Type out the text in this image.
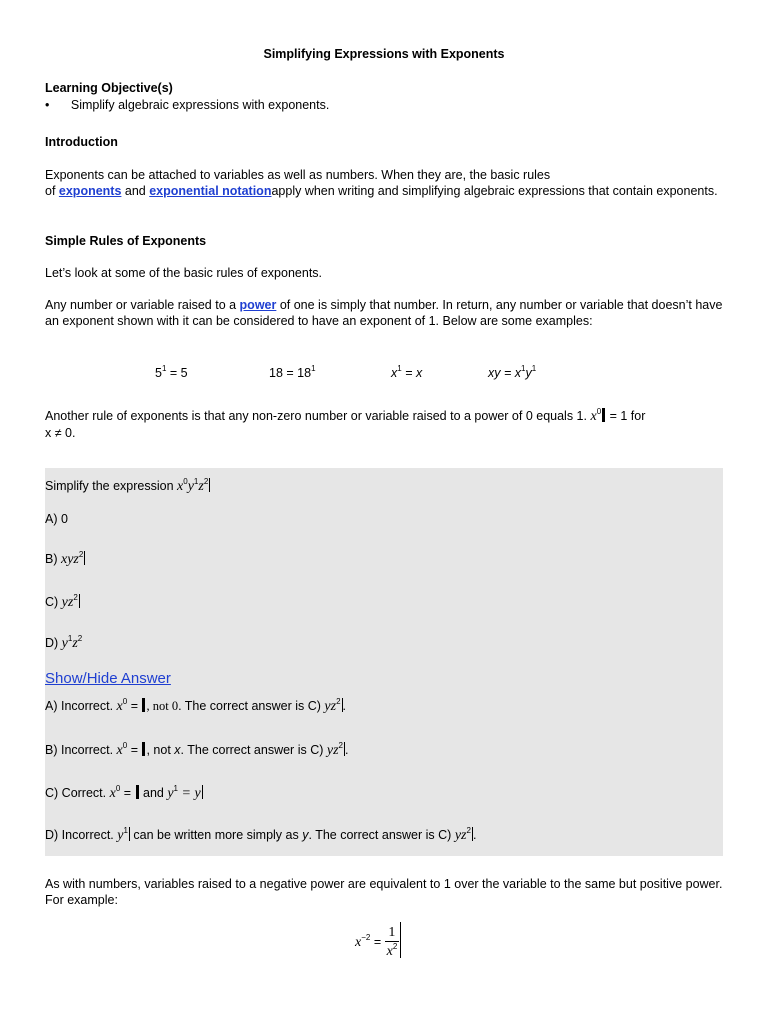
Simplifying Expressions with Exponents

Learning Objective(s)

• Simplify algebraic expressions with exponents.

Introduction

Exponents can be attached to variables as well as numbers. When they are, the basic rules
of exponents and exponential notationapply when writing and simplifying algebraic expressions that contain exponents.

Simple Rules of Exponents

Let’s look at some of the basic rules of exponents.

Any number or variable raised to a power of one is simply that number. In return, any number or variable that doesn’t have an exponent shown with it can be considered to have an exponent of 1. Below are some examples:

$5^1 = 5$	$18 = 18^1$	$x^1 = x$	xy = $x^1y^1$

Another rule of exponents is that any non-zero number or variable raised to a power of 0 equals 1. $x^0 = 1$ for
x ≠ 0.

Simplify the expression $x^0y^1z^2$

A) 0

B) xyz$^2$

C) $yz^2$

D) $y^1z^2$

Show/Hide Answer

A) Incorrect. $x^0$ = , not 0. The correct answer is C) $yz^2$ .

B) Incorrect. $x^0$ = , not x. The correct answer is C) $yz^2$ .

C) Correct. $x^0$ =  and $y^1 = y$

D) Incorrect. $y^1$ can be written more simply as y. The correct answer is C) $yz^2$ .

As with numbers, variables raised to a negative power are equivalent to 1 over the variable to the same but positive power. For example:

$x^{-2} = \frac{1}{x^2}$
